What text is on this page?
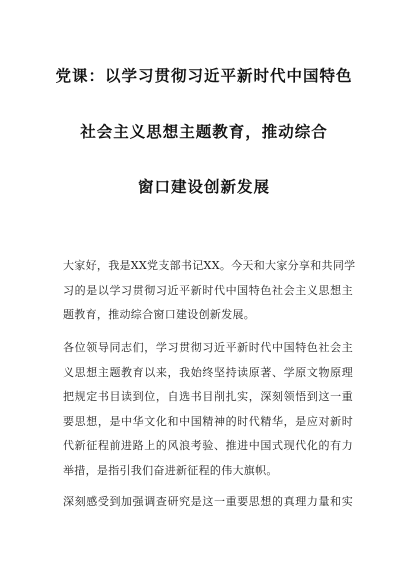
党课：以学习贯彻习近平新时代中国特色
社会主义思想主题教育，推动综合
窗口建设创新发展

大家好，我是XX党支部书记XX。今天和大家分享和共同学
习的是以学习贯彻习近平新时代中国特色社会主义思想主
题教育，推动综合窗口建设创新发展。

各位领导同志们，学习贯彻习近平新时代中国特色社会主
义思想主题教育以来，我始终坚持读原著、学原文物原理
把规定书目读到位，自选书目削扎实，深刻领悟到这一重
要思想，是中华文化和中国精神的时代精华，是应对新时
代新征程前进路上的风浪考验、推进中国式现代化的有力
举措，是指引我们奋进新征程的伟大旗帜。

深刻感受到加强调查研究是这一重要思想的真理力量和实
